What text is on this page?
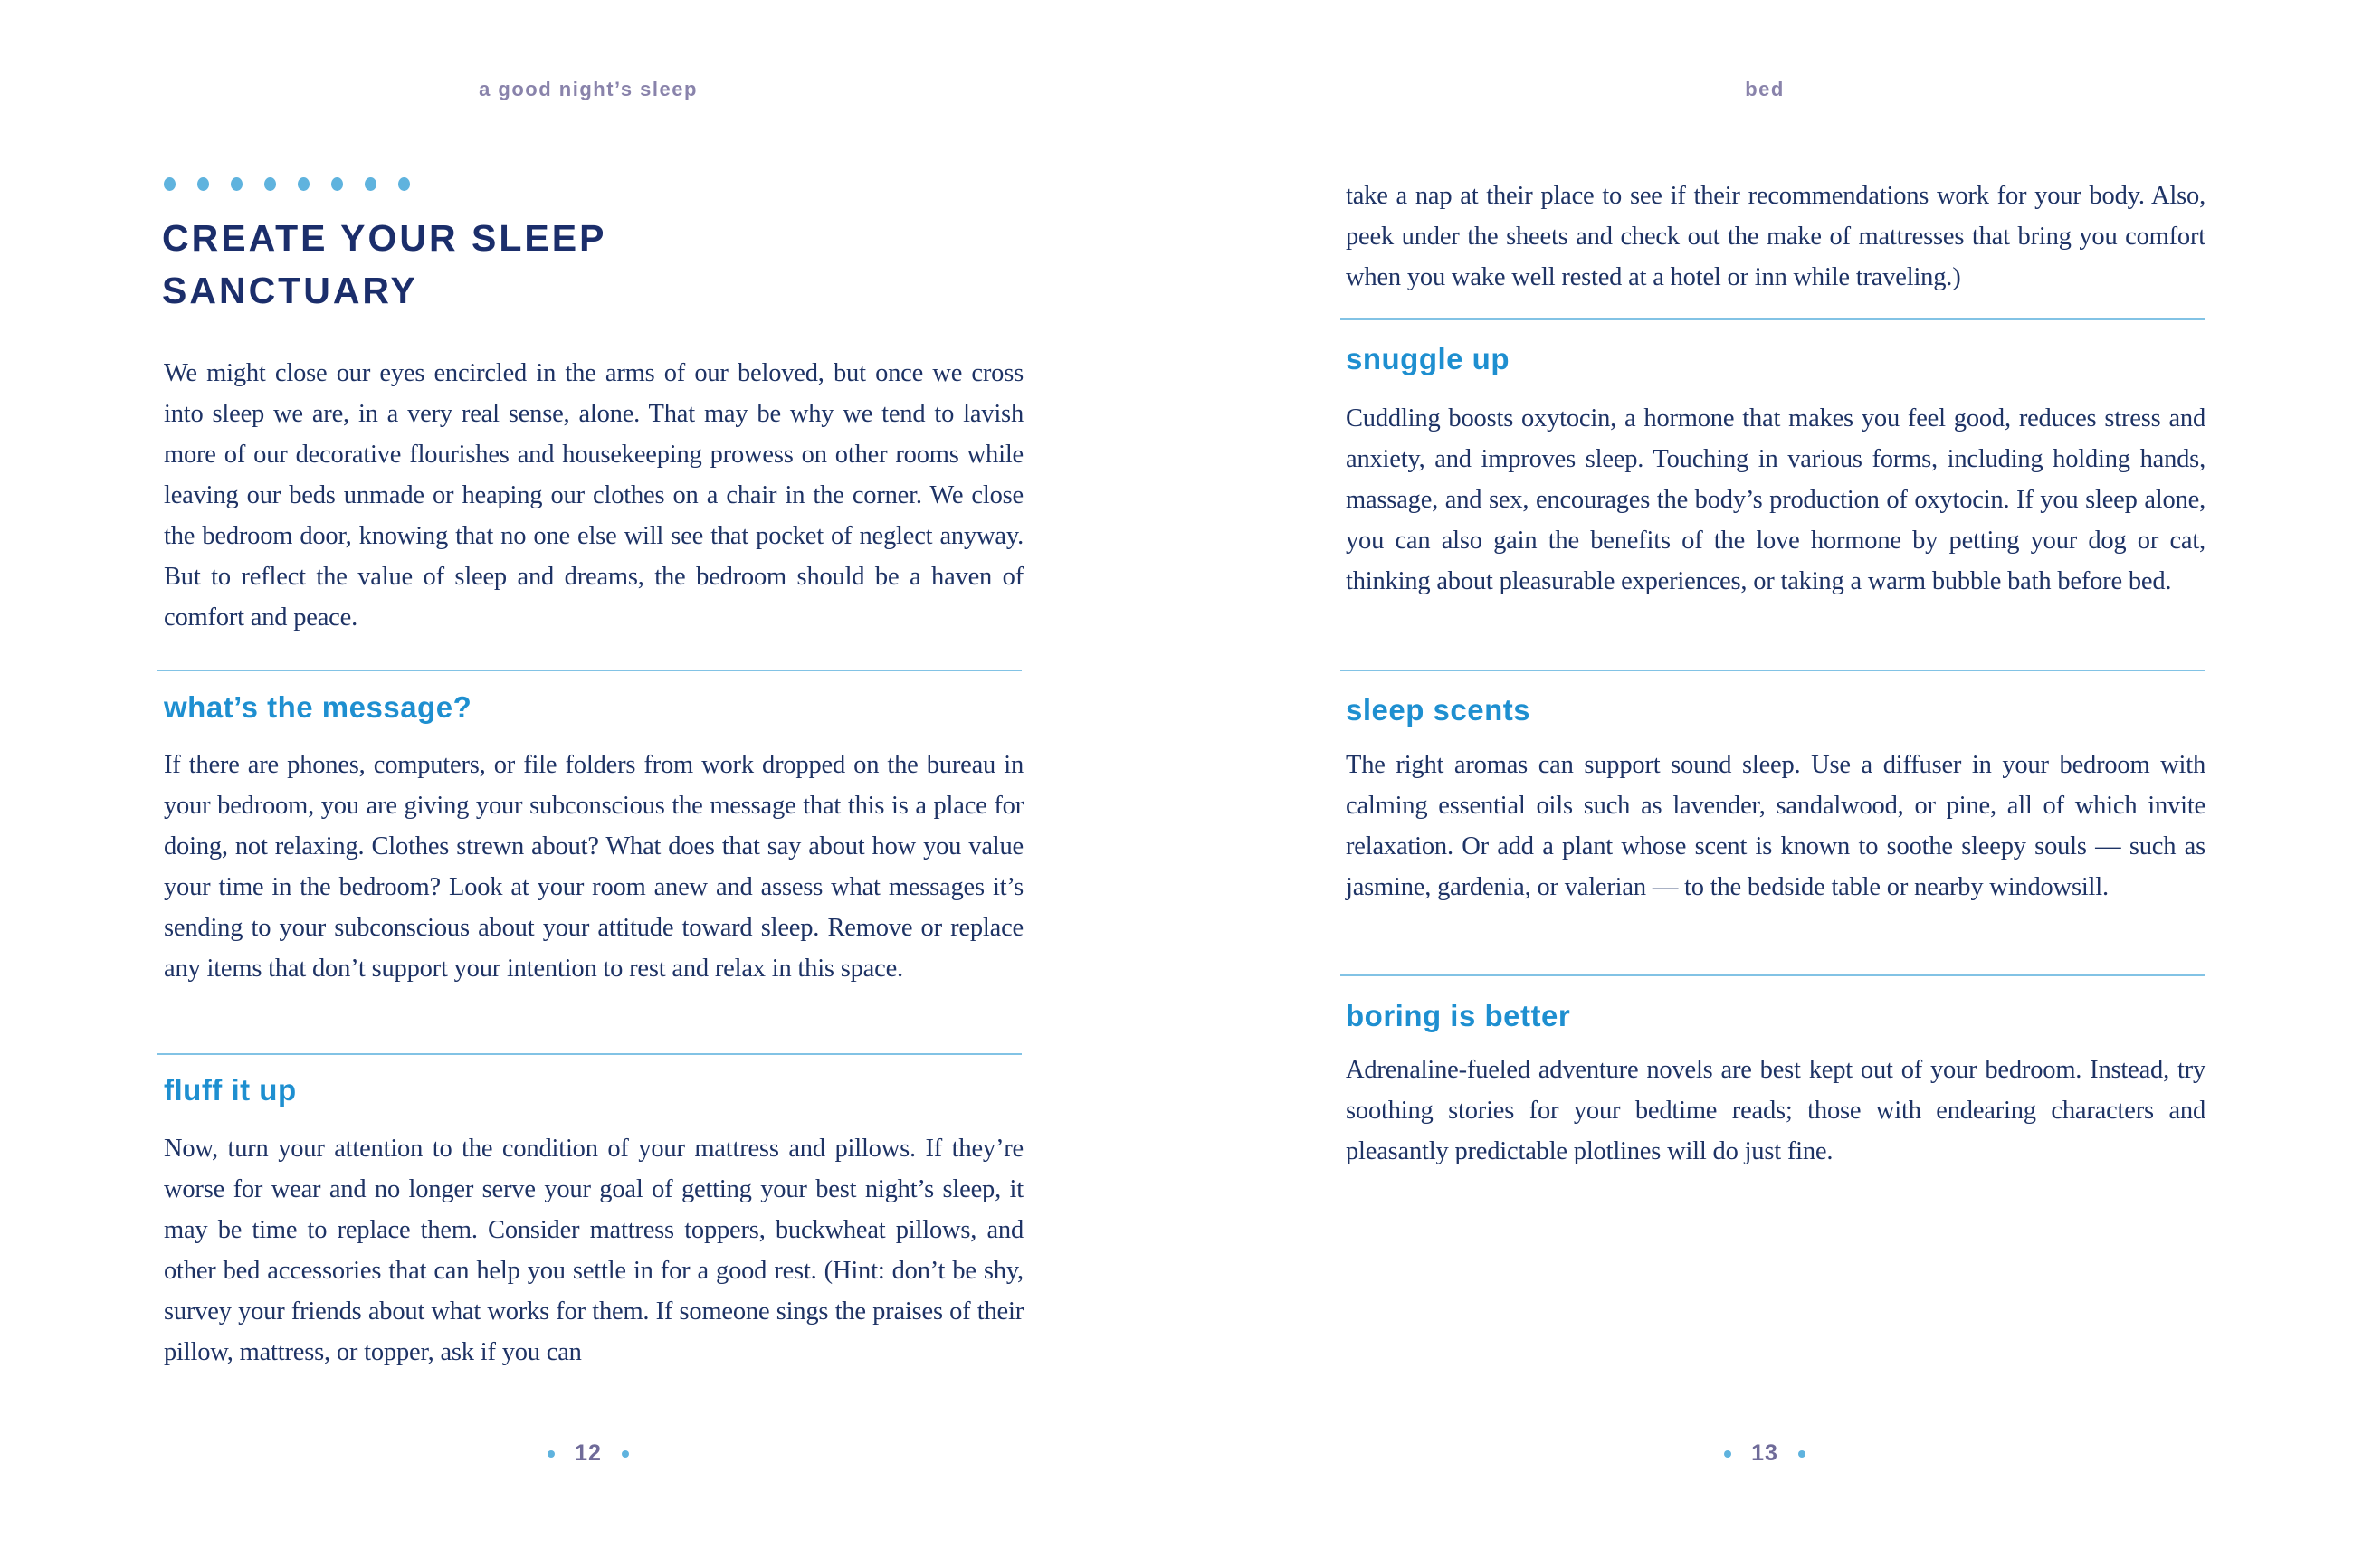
a good night’s sleep
CREATE YOUR SLEEP
SANCTUARY

We might close our eyes encircled in the arms of our beloved, but once we cross into sleep we are, in a very real sense, alone. That may be why we tend to lavish more of our decorative flourishes and housekeeping prowess on other rooms while leaving our beds unmade or heaping our clothes on a chair in the corner. We close the bedroom door, knowing that no one else will see that pocket of neglect anyway. But to reflect the value of sleep and dreams, the bedroom should be a haven of comfort and peace.

what’s the message?

If there are phones, computers, or file folders from work dropped on the bureau in your bedroom, you are giving your subconscious the message that this is a place for doing, not relaxing. Clothes strewn about? What does that say about how you value your time in the bedroom? Look at your room anew and assess what messages it’s sending to your subconscious about your attitude toward sleep. Remove or replace any items that don’t support your intention to rest and relax in this space.

fluff it up

Now, turn your attention to the condition of your mattress and pillows. If they’re worse for wear and no longer serve your goal of getting your best night’s sleep, it may be time to replace them. Consider mattress toppers, buckwheat pillows, and other bed accessories that can help you settle in for a good rest. (Hint: don’t be shy, survey your friends about what works for them. If someone sings the praises of their pillow, mattress, or topper, ask if you can

12
bed

take a nap at their place to see if their recommendations work for your body. Also, peek under the sheets and check out the make of mattresses that bring you comfort when you wake well rested at a hotel or inn while traveling.)

snuggle up

Cuddling boosts oxytocin, a hormone that makes you feel good, reduces stress and anxiety, and improves sleep. Touching in various forms, including holding hands, massage, and sex, encourages the body’s production of oxytocin. If you sleep alone, you can also gain the benefits of the love hormone by petting your dog or cat, thinking about pleasurable experiences, or taking a warm bubble bath before bed.

sleep scents

The right aromas can support sound sleep. Use a diffuser in your bedroom with calming essential oils such as lavender, sandalwood, or pine, all of which invite relaxation. Or add a plant whose scent is known to soothe sleepy souls — such as jasmine, gardenia, or valerian — to the bedside table or nearby windowsill.

boring is better

Adrenaline-fueled adventure novels are best kept out of your bedroom. Instead, try soothing stories for your bedtime reads; those with endearing characters and pleasantly predictable plotlines will do just fine.

13
